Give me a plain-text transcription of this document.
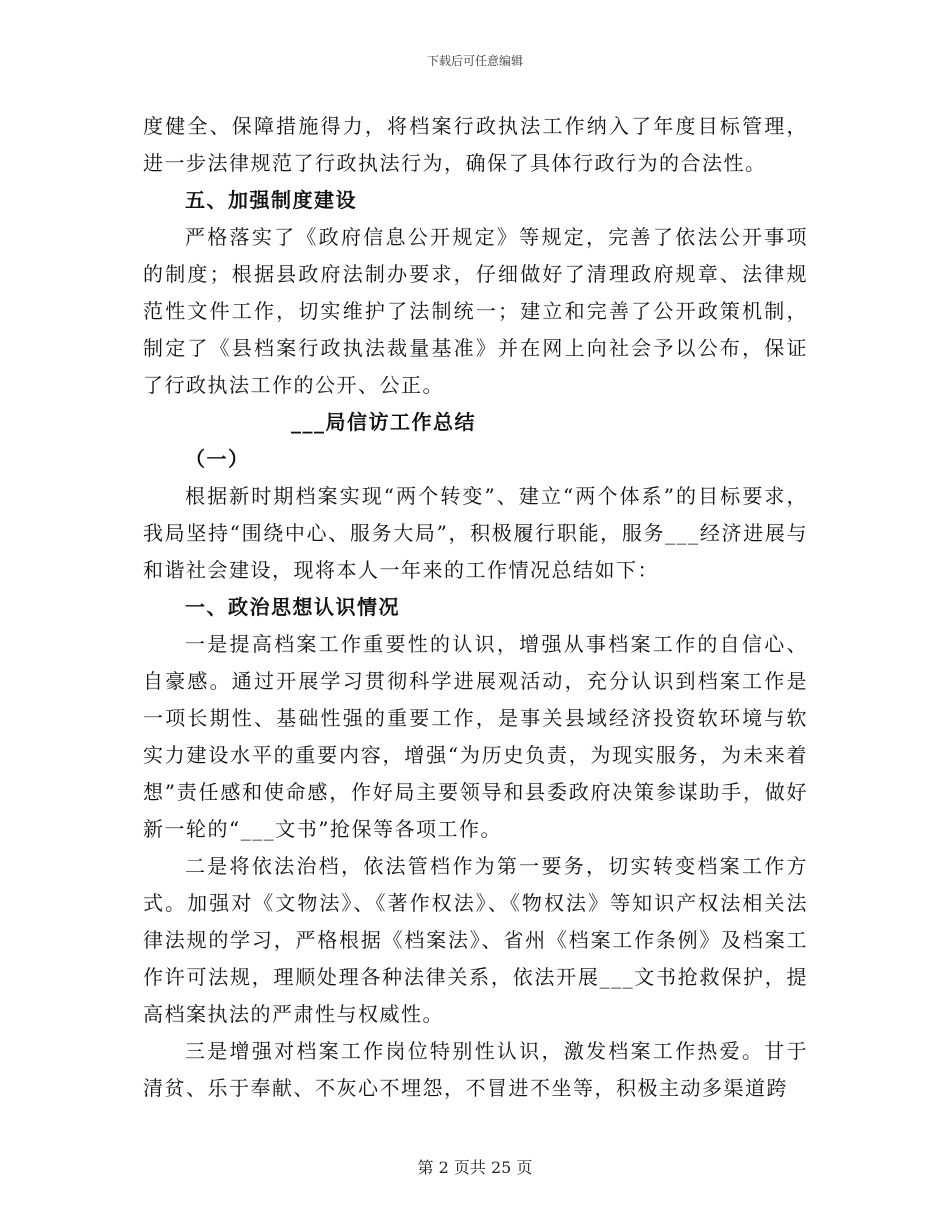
下载后可任意编辑

度健全、保障措施得力，将档案行政执法工作纳入了年度目标管理，进一步法律规范了行政执法行为，确保了具体行政行为的合法性。

五、加强制度建设

严格落实了《政府信息公开规定》等规定，完善了依法公开事项的制度；根据县政府法制办要求，仔细做好了清理政府规章、法律规范性文件工作，切实维护了法制统一；建立和完善了公开政策机制，制定了《县档案行政执法裁量基准》并在网上向社会予以公布，保证了行政执法工作的公开、公正。

___局信访工作总结

（一）

根据新时期档案实现“两个转变”、建立“两个体系”的目标要求，我局坚持“围绕中心、服务大局”，积极履行职能，服务___经济进展与和谐社会建设，现将本人一年来的工作情况总结如下：

一、政治思想认识情况

一是提高档案工作重要性的认识，增强从事档案工作的自信心、自豪感。通过开展学习贯彻科学进展观活动，充分认识到档案工作是一项长期性、基础性强的重要工作，是事关县域经济投资软环境与软实力建设水平的重要内容，增强“为历史负责，为现实服务，为未来着想”责任感和使命感，作好局主要领导和县委政府决策参谋助手，做好新一轮的“___文书”抢保等各项工作。

二是将依法治档，依法管档作为第一要务，切实转变档案工作方式。加强对《文物法》、《著作权法》、《物权法》等知识产权法相关法律法规的学习，严格根据《档案法》、省州《档案工作条例》及档案工作许可法规，理顺处理各种法律关系，依法开展___文书抢救保护，提高档案执法的严肃性与权威性。

三是增强对档案工作岗位特别性认识，激发档案工作热爱。甘于清贫、乐于奉献、不灰心不埋怨，不冒进不坐等，积极主动多渠道跨

第 2 页共 25 页
